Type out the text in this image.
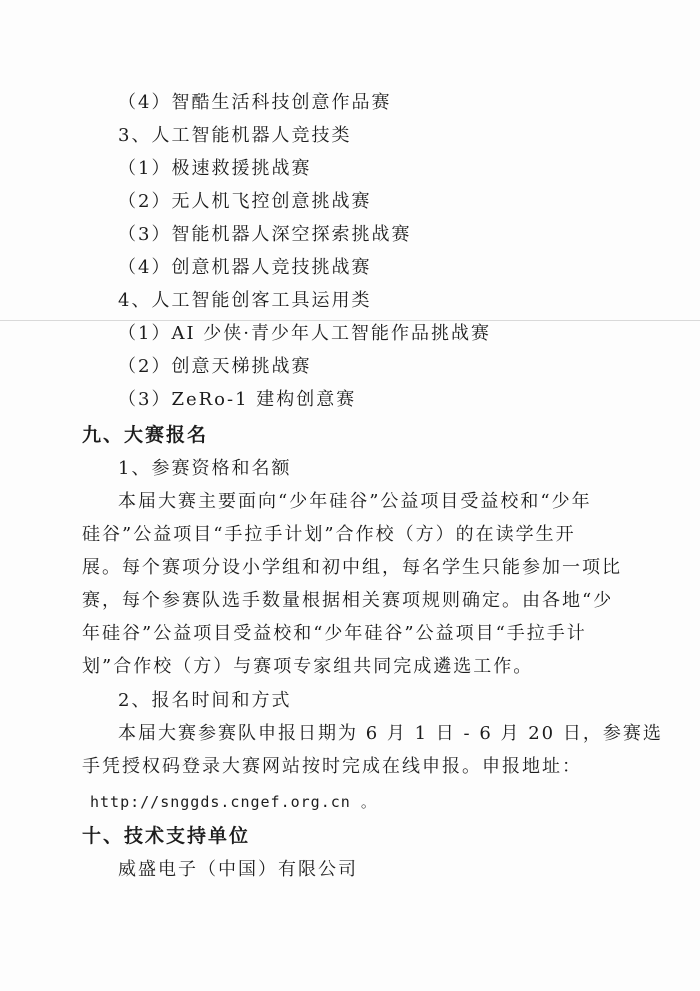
（4）智酷生活科技创意作品赛
3、人工智能机器人竞技类
（1）极速救援挑战赛
（2）无人机飞控创意挑战赛
（3）智能机器人深空探索挑战赛
（4）创意机器人竞技挑战赛
4、人工智能创客工具运用类
（1）AI 少侠·青少年人工智能作品挑战赛
（2）创意天梯挑战赛
（3）ZeRo-1 建构创意赛
九、大赛报名
1、参赛资格和名额
本届大赛主要面向“少年硅谷”公益项目受益校和“少年
硅谷”公益项目“手拉手计划”合作校（方）的在读学生开
展。每个赛项分设小学组和初中组，每名学生只能参加一项比
赛，每个参赛队选手数量根据相关赛项规则确定。由各地“少
年硅谷”公益项目受益校和“少年硅谷”公益项目“手拉手计
划”合作校（方）与赛项专家组共同完成遴选工作。
2、报名时间和方式
本届大赛参赛队申报日期为 6 月 1 日 - 6 月 20 日，参赛选
手凭授权码登录大赛网站按时完成在线申报。申报地址：
http://snggds.cngef.org.cn 。
十、技术支持单位
威盛电子（中国）有限公司
